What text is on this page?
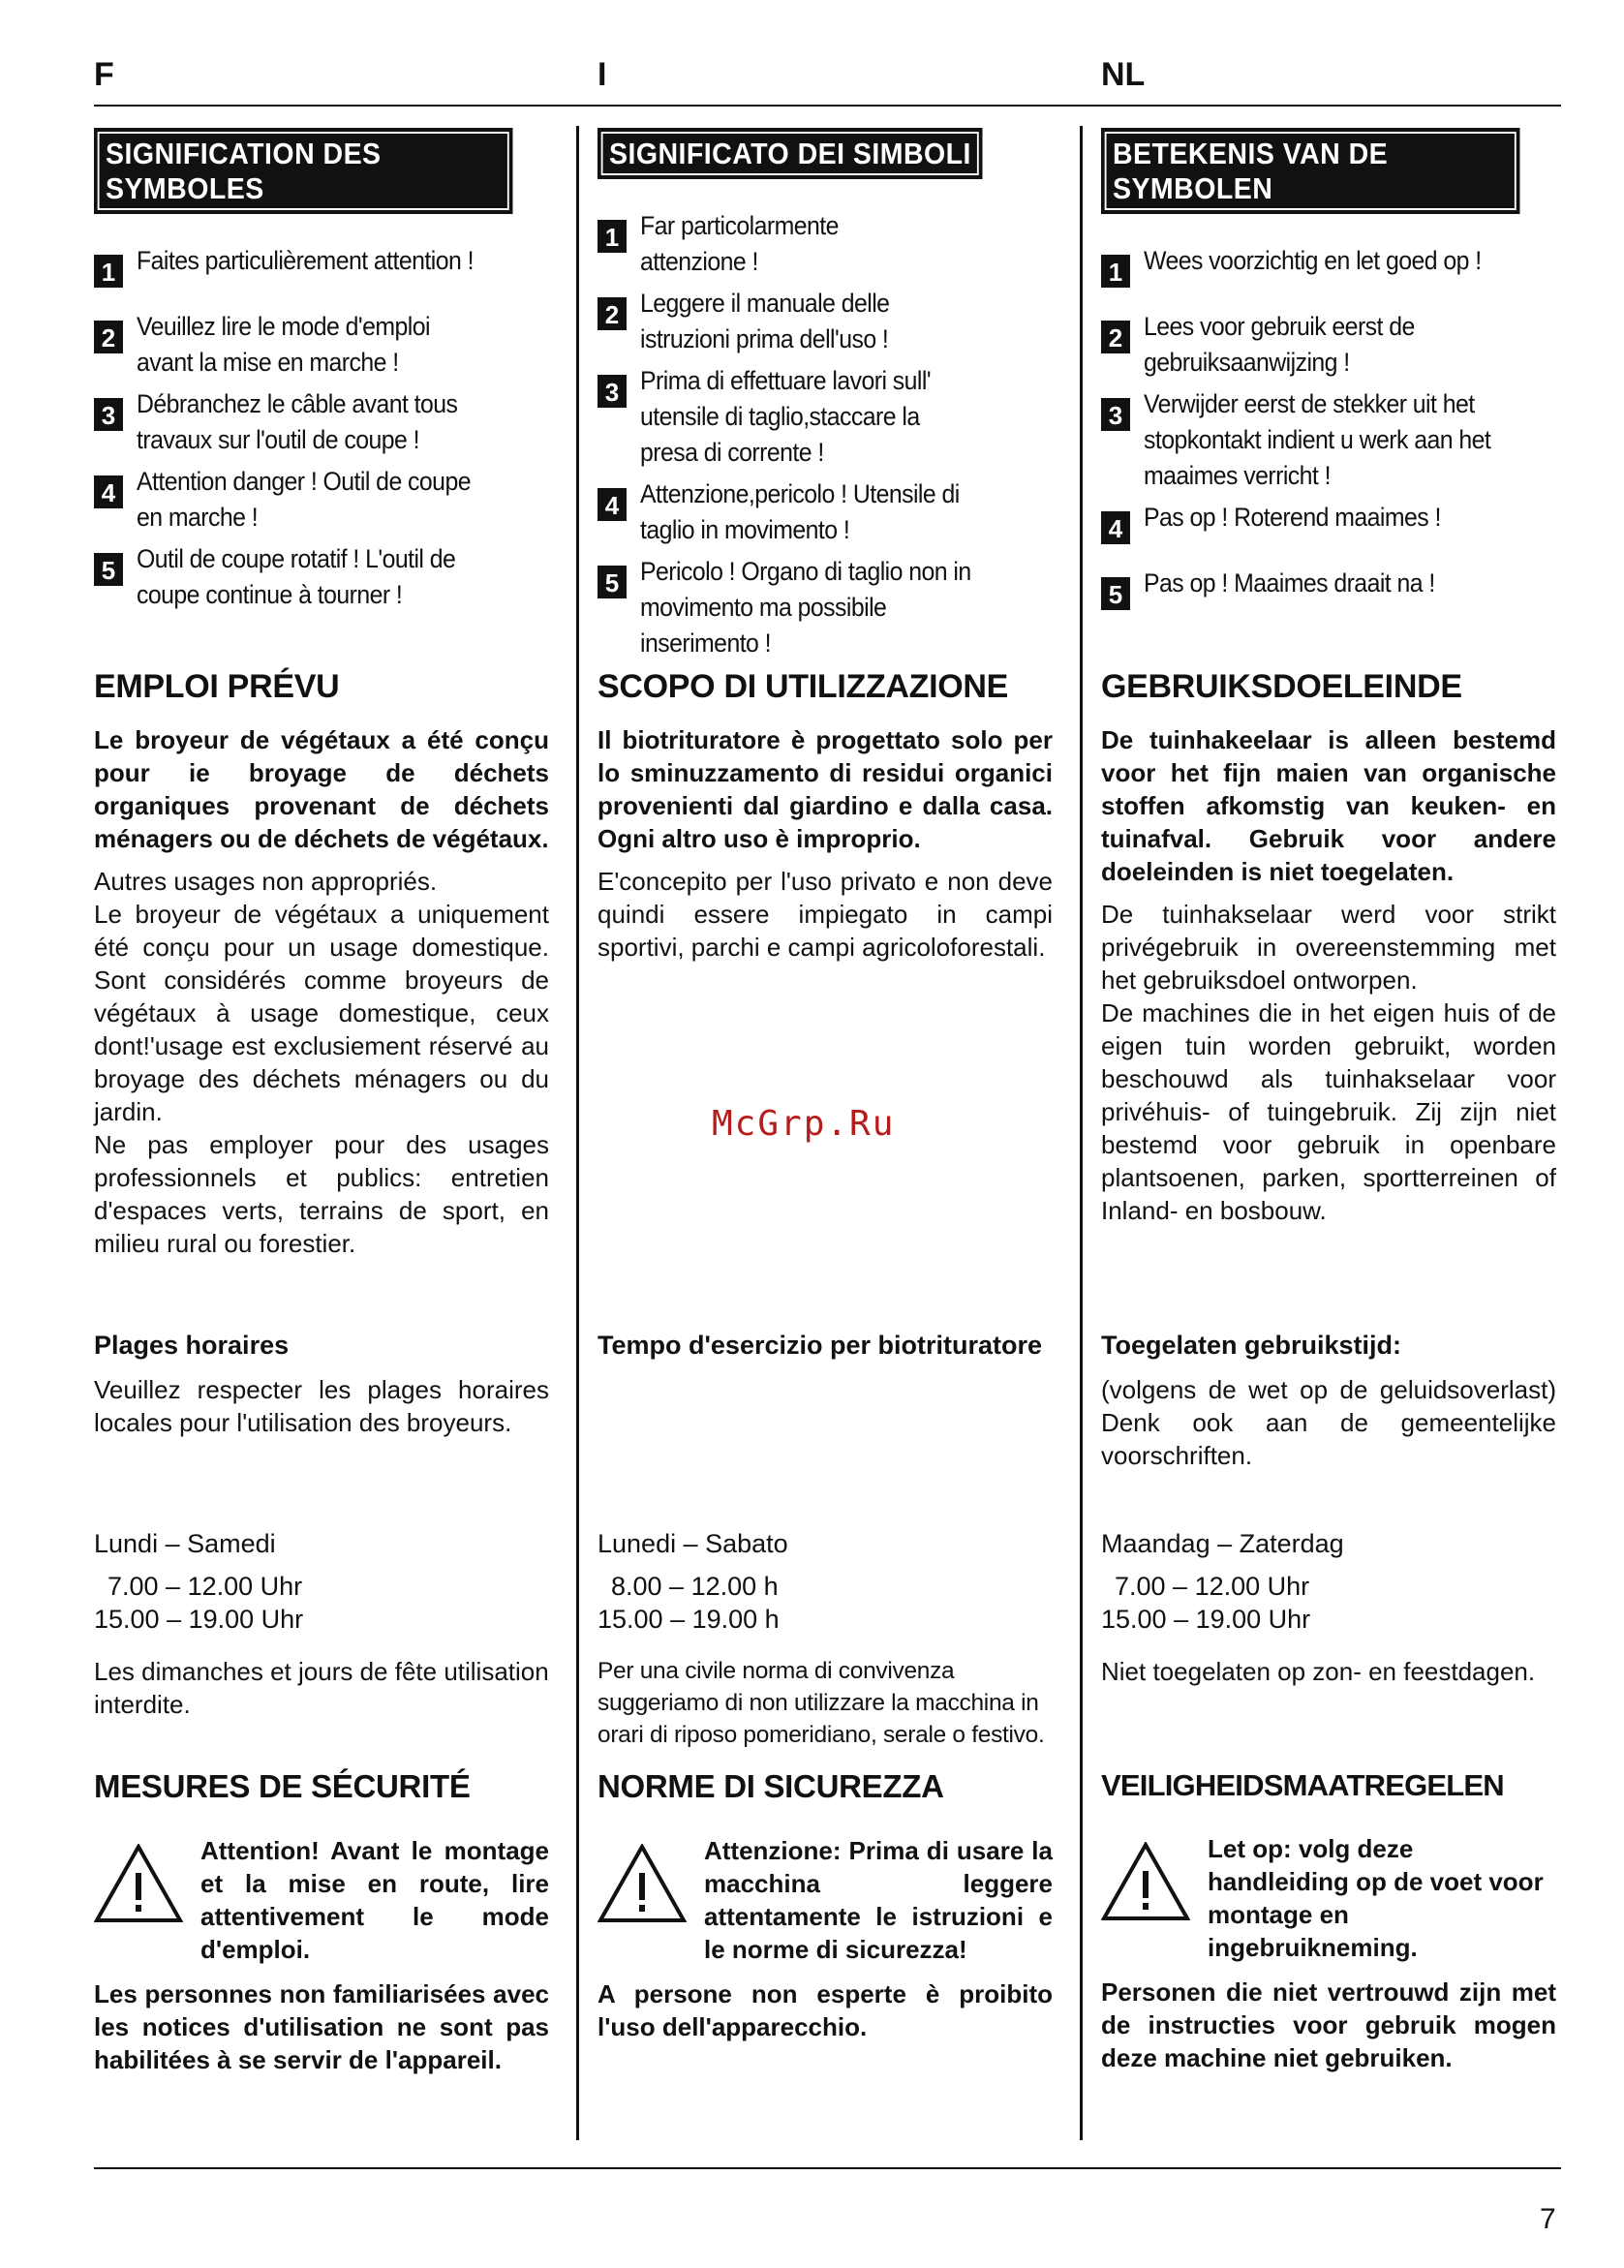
F	I	NL
SIGNIFICATION DES SYMBOLES
1 Faites particulièrement attention !
2 Veuillez lire le mode d'emploi avant la mise en marche !
3 Débranchez le câble avant tous travaux sur l'outil de coupe !
4 Attention danger ! Outil de coupe en marche !
5 Outil de coupe rotatif ! L'outil de coupe continue à tourner !
SIGNIFICATO DEI SIMBOLI
1 Far particolarmente attenzione !
2 Leggere il manuale delle istruzioni prima dell'uso !
3 Prima di effettuare lavori sull' utensile di taglio,staccare la presa di corrente !
4 Attenzione,pericolo ! Utensile di taglio in movimento !
5 Pericolo ! Organo di taglio non in movimento ma possibile inserimento !
BETEKENIS VAN DE SYMBOLEN
1 Wees voorzichtig en let goed op !
2 Lees voor gebruik eerst de gebruiksaanwijzing !
3 Verwijder eerst de stekker uit het stopkontakt indient u werk aan het maaimes verricht !
4 Pas op ! Roterend maaimes !
5 Pas op ! Maaimes draait na !
EMPLOI PRÉVU

Le broyeur de végétaux a été conçu pour ie broyage de déchets organiques provenant de déchets ménagers ou de déchets de végétaux.

Autres usages non appropriés.
Le broyeur de végétaux a uniquement été conçu pour un usage domestique. Sont considérés comme broyeurs de végétaux à usage domestique, ceux dont!'usage est exclusiement réservé au broyage des déchets ménagers ou du jardin.
Ne pas employer pour des usages professionnels et publics: entretien d'espaces verts, terrains de sport, en milieu rural ou forestier.

SCOPO DI UTILIZZAZIONE

Il biotrituratore è progettato solo per lo sminuzzamento di residui organici provenienti dal giardino e dalla casa. Ogni altro uso è improprio.

E'concepito per l'uso privato e non deve quindi essere impiegato in campi sportivi, parchi e campi agricoloforestali.

GEBRUIKSDOELEINDE

De tuinhakeelaar is alleen bestemd voor het fijn maien van organische stoffen afkomstig van keuken- en tuinafval. Gebruik voor andere doeleinden is niet toegelaten.

De tuinhakselaar werd voor strikt privégebruik in overeenstemming met het gebruiksdoel ontworpen.
De machines die in het eigen huis of de eigen tuin worden gebruikt, worden beschouwd als tuinhakselaar voor privéhuis- of tuingebruik. Zij zijn niet bestemd voor gebruik in openbare plantsoenen, parken, sportterreinen of Inland- en bosbouw.

McGrp.Ru

Plages horaires

Veuillez respecter les plages horaires locales pour l'utilisation des broyeurs.

Tempo d'esercizio per biotrituratore	Toegelaten gebruikstijd:

(volgens de wet op de geluidsoverlast) Denk ook aan de gemeentelijke voorschriften.

Lundi – Samedi

7.00 – 12.00 Uhr

15.00 – 19.00 Uhr

Les dimanches et jours de fête utilisation interdite.

Lunedi – Sabato

8.00 – 12.00 h

15.00 – 19.00 h

Per una civile norma di convivenza suggeriamo di non utilizzare la macchina in orari di riposo pomeridiano, serale o festivo.

Maandag – Zaterdag

7.00 – 12.00 Uhr

15.00 – 19.00 Uhr

Niet toegelaten op zon- en feestdagen.

MESURES DE SÉCURITÉ

Attention! Avant le montage et la mise en route, lire attentivement le mode d'emploi.

Les personnes non familiarisées avec les notices d'utilisation ne sont pas habilitées à se servir de l'appareil.

NORME DI SICUREZZA

Attenzione: Prima di usare la macchina leggere attentamente le istruzioni e le norme di sicurezza!

A persone non esperte è proibito l'uso dell'apparecchio.

VEILIGHEIDSMAATREGELEN

Let op: volg deze handleiding op de voet voor montage en ingebruikneming.

Personen die niet vertrouwd zijn met de instructies voor gebruik mogen deze machine niet gebruiken.

7
